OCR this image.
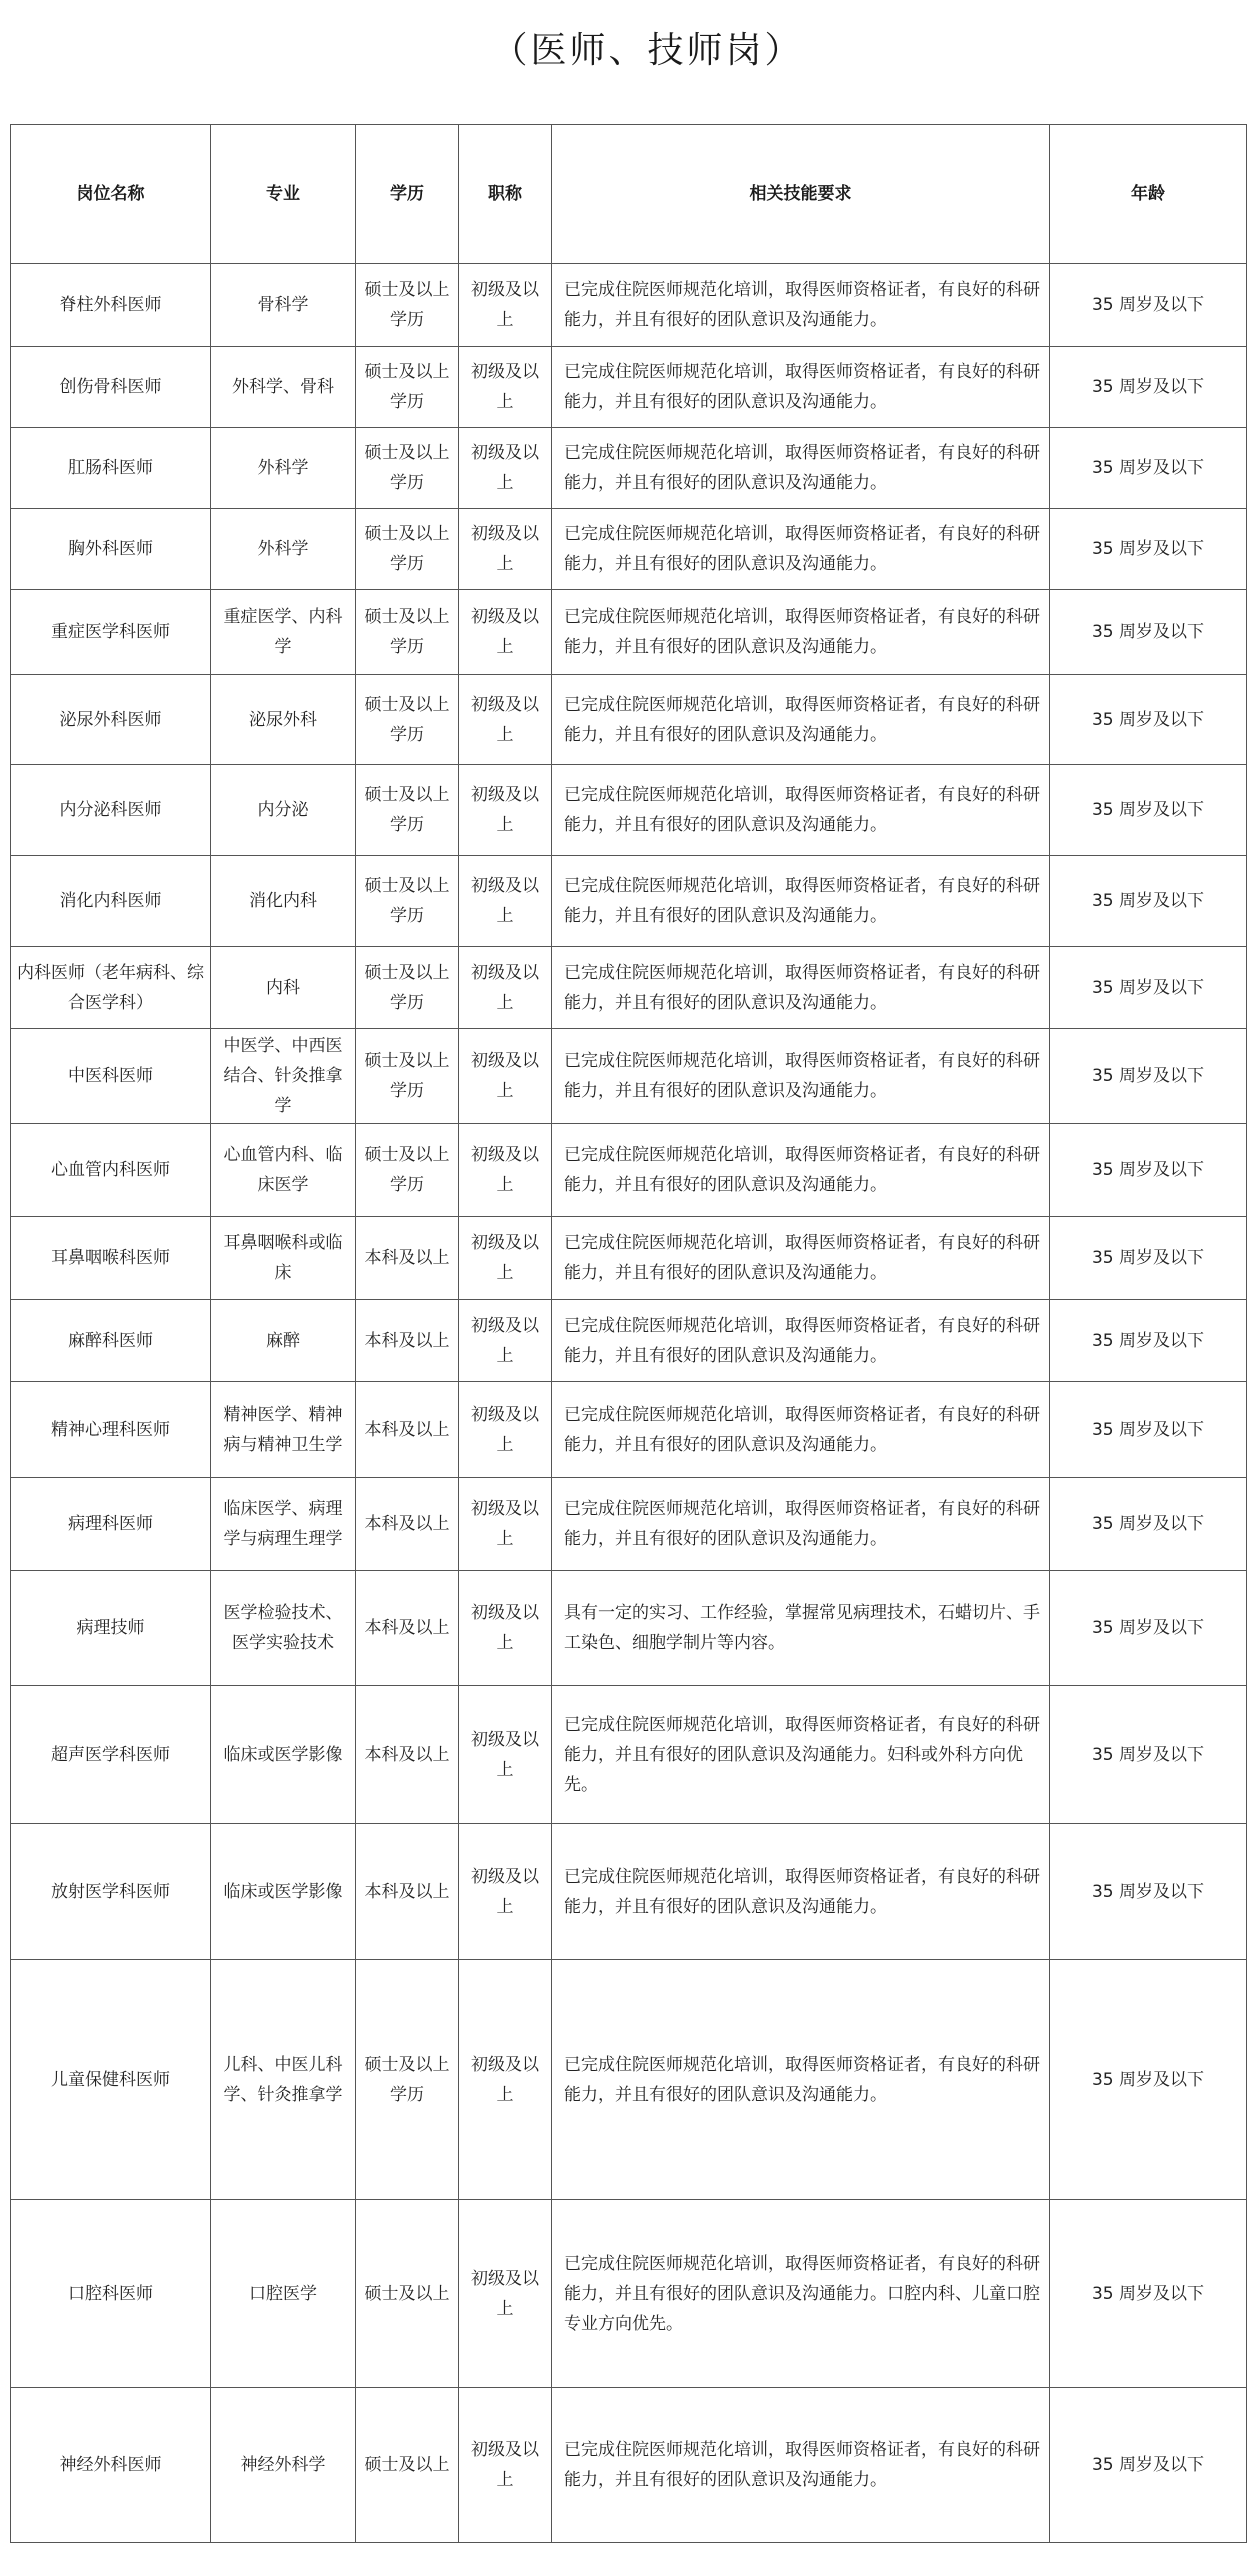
（医师、技师岗）
岗位名称	专业	学历	职称	相关技能要求	年龄
脊柱外科医师	骨科学	硕士及以上学历	初级及以上	已完成住院医师规范化培训，取得医师资格证者，有良好的科研能力，并且有很好的团队意识及沟通能力。	35 周岁及以下
创伤骨科医师	外科学、骨科	硕士及以上学历	初级及以上	已完成住院医师规范化培训，取得医师资格证者，有良好的科研能力，并且有很好的团队意识及沟通能力。	35 周岁及以下
肛肠科医师	外科学	硕士及以上学历	初级及以上	已完成住院医师规范化培训，取得医师资格证者，有良好的科研能力，并且有很好的团队意识及沟通能力。	35 周岁及以下
胸外科医师	外科学	硕士及以上学历	初级及以上	已完成住院医师规范化培训，取得医师资格证者，有良好的科研能力，并且有很好的团队意识及沟通能力。	35 周岁及以下
重症医学科医师	重症医学、内科学	硕士及以上学历	初级及以上	已完成住院医师规范化培训，取得医师资格证者，有良好的科研能力，并且有很好的团队意识及沟通能力。	35 周岁及以下
泌尿外科医师	泌尿外科	硕士及以上学历	初级及以上	已完成住院医师规范化培训，取得医师资格证者，有良好的科研能力，并且有很好的团队意识及沟通能力。	35 周岁及以下
内分泌科医师	内分泌	硕士及以上学历	初级及以上	已完成住院医师规范化培训，取得医师资格证者，有良好的科研能力，并且有很好的团队意识及沟通能力。	35 周岁及以下
消化内科医师	消化内科	硕士及以上学历	初级及以上	已完成住院医师规范化培训，取得医师资格证者，有良好的科研能力，并且有很好的团队意识及沟通能力。	35 周岁及以下
内科医师（老年病科、综合医学科）	内科	硕士及以上学历	初级及以上	已完成住院医师规范化培训，取得医师资格证者，有良好的科研能力，并且有很好的团队意识及沟通能力。	35 周岁及以下
中医科医师	中医学、中西医结合、针灸推拿学	硕士及以上学历	初级及以上	已完成住院医师规范化培训，取得医师资格证者，有良好的科研能力，并且有很好的团队意识及沟通能力。	35 周岁及以下
心血管内科医师	心血管内科、临床医学	硕士及以上学历	初级及以上	已完成住院医师规范化培训，取得医师资格证者，有良好的科研能力，并且有很好的团队意识及沟通能力。	35 周岁及以下
耳鼻咽喉科医师	耳鼻咽喉科或临床	本科及以上	初级及以上	已完成住院医师规范化培训，取得医师资格证者，有良好的科研能力，并且有很好的团队意识及沟通能力。	35 周岁及以下
麻醉科医师	麻醉	本科及以上	初级及以上	已完成住院医师规范化培训，取得医师资格证者，有良好的科研能力，并且有很好的团队意识及沟通能力。	35 周岁及以下
精神心理科医师	精神医学、精神病与精神卫生学	本科及以上	初级及以上	已完成住院医师规范化培训，取得医师资格证者，有良好的科研能力，并且有很好的团队意识及沟通能力。	35 周岁及以下
病理科医师	临床医学、病理学与病理生理学	本科及以上	初级及以上	已完成住院医师规范化培训，取得医师资格证者，有良好的科研能力，并且有很好的团队意识及沟通能力。	35 周岁及以下
病理技师	医学检验技术、医学实验技术	本科及以上	初级及以上	具有一定的实习、工作经验，掌握常见病理技术，石蜡切片、手工染色、细胞学制片等内容。	35 周岁及以下
超声医学科医师	临床或医学影像	本科及以上	初级及以上	已完成住院医师规范化培训，取得医师资格证者，有良好的科研能力，并且有很好的团队意识及沟通能力。妇科或外科方向优先。	35 周岁及以下
放射医学科医师	临床或医学影像	本科及以上	初级及以上	已完成住院医师规范化培训，取得医师资格证者，有良好的科研能力，并且有很好的团队意识及沟通能力。	35 周岁及以下
儿童保健科医师	儿科、中医儿科学、针灸推拿学	硕士及以上学历	初级及以上	已完成住院医师规范化培训，取得医师资格证者，有良好的科研能力，并且有很好的团队意识及沟通能力。	35 周岁及以下
口腔科医师	口腔医学	硕士及以上	初级及以上	已完成住院医师规范化培训，取得医师资格证者，有良好的科研能力，并且有很好的团队意识及沟通能力。口腔内科、儿童口腔专业方向优先。	35 周岁及以下
神经外科医师	神经外科学	硕士及以上	初级及以上	已完成住院医师规范化培训，取得医师资格证者，有良好的科研能力，并且有很好的团队意识及沟通能力。	35 周岁及以下
